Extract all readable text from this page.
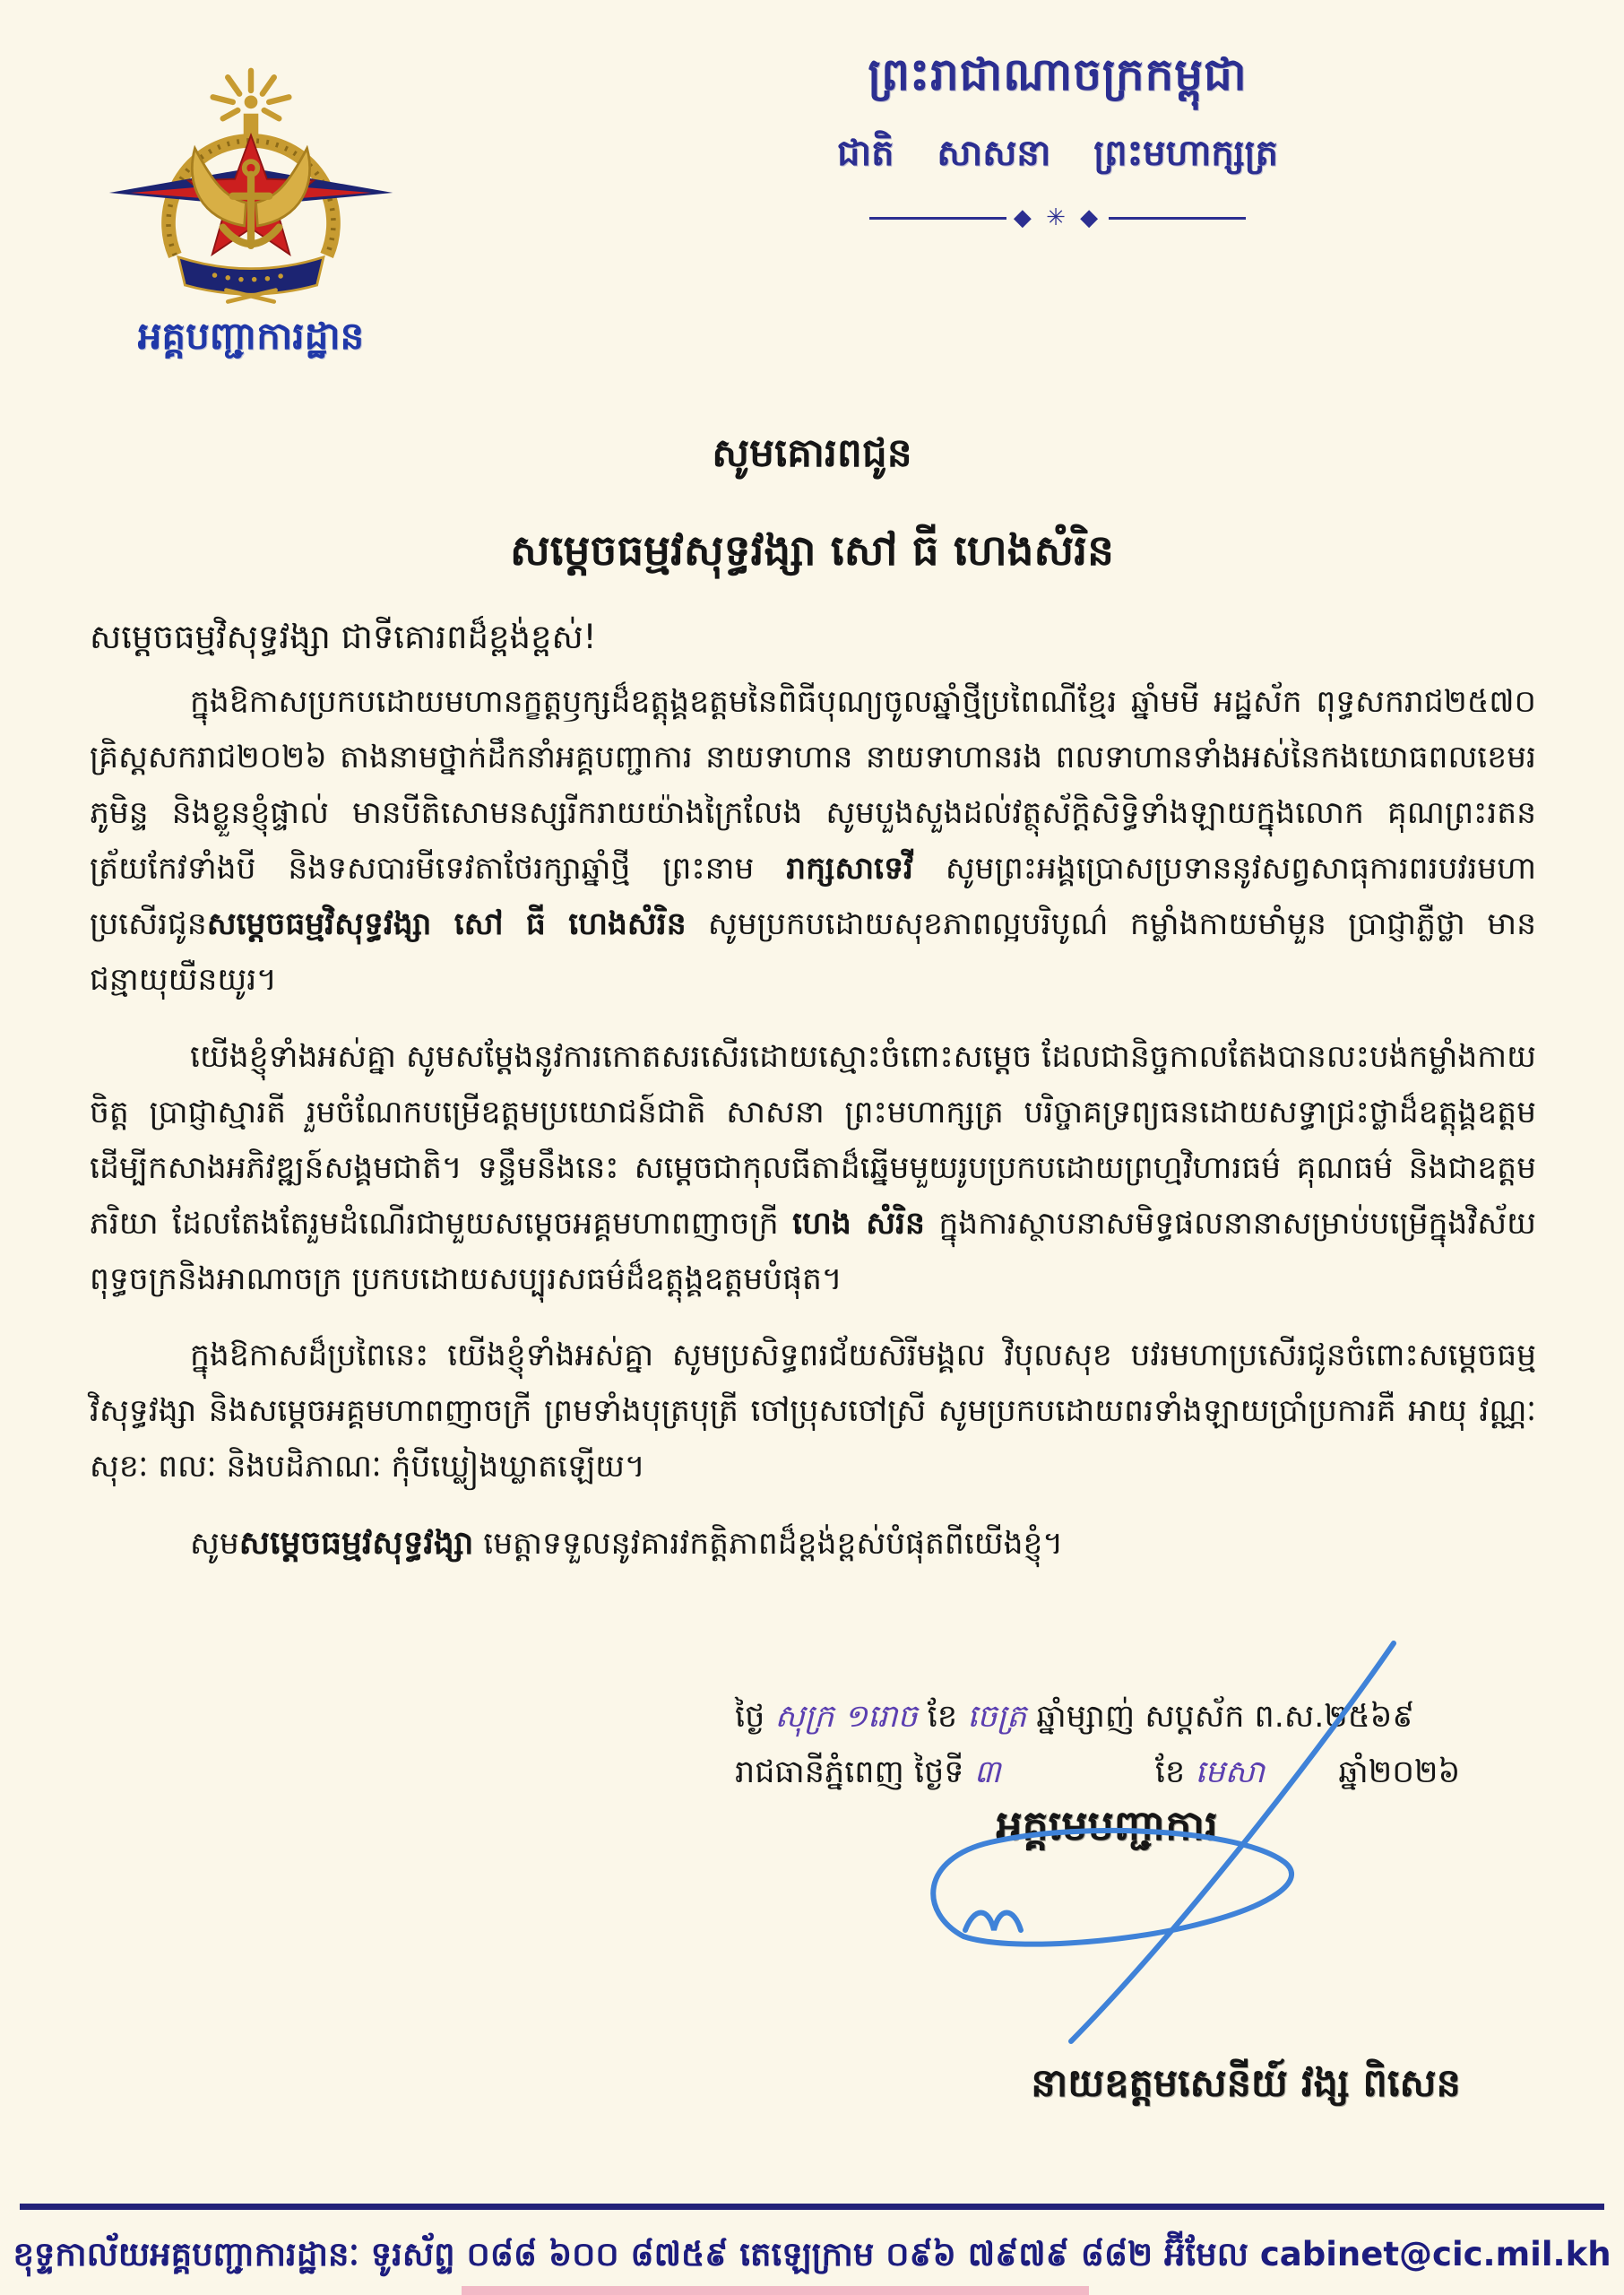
អគ្គបញ្ជាការដ្ឋាន
ព្រះរាជាណាចក្រកម្ពុជា
ជាតិ សាសនា ព្រះមហាក្សត្រ
◆ ✳ ◆
សូមគោរពជូន
សម្ដេចធម្មវសុទ្ធវង្សា សៅ ធី ហេងសំរិន
សម្ដេចធម្មវិសុទ្ធវង្សា ជាទីគោរពដ៏ខ្ពង់ខ្ពស់!

ក្នុងឱកាសប្រកបដោយមហានក្ខត្តឫក្សដ៏ឧត្តុង្គឧត្តមនៃពិធីបុណ្យចូលឆ្នាំថ្មីប្រពៃណីខ្មែរ ឆ្នាំមមី អដ្ឋស័ក ពុទ្ធសករាជ២៥៧០ គ្រិស្តសករាជ២០២៦ តាងនាមថ្នាក់ដឹកនាំអគ្គបញ្ជាការ នាយទាហាន នាយទាហានរង ពលទាហានទាំងអស់នៃកងយោធពលខេមរភូមិន្ទ និងខ្លួនខ្ញុំផ្ទាល់ មានបីតិសោមនស្សរីករាយយ៉ាងក្រៃលែង សូមបួងសួងដល់វត្ថុស័ក្ដិសិទ្ធិទាំងឡាយក្នុងលោក គុណព្រះរតនត្រ័យកែវទាំងបី និងទសបារមីទេវតាថែរក្សាឆ្នាំថ្មី ព្រះនាម រាក្សសាទេវី សូមព្រះអង្គប្រោសប្រទាននូវសព្វសាធុការពរបវរមហាប្រសើរជូនសម្ដេចធម្មវិសុទ្ធវង្សា សៅ ធី ហេងសំរិន សូមប្រកបដោយសុខភាពល្អបរិបូណ៌ កម្លាំងកាយមាំមួន ប្រាជ្ញាភ្លឺថ្លា មានជន្មាយុយឺនយូរ។

យើងខ្ញុំទាំងអស់គ្នា សូមសម្ដែងនូវការកោតសរសើរដោយស្មោះចំពោះសម្ដេច ដែលជានិច្ចកាលតែងបានលះបង់កម្លាំងកាយចិត្ត ប្រាជ្ញាស្មារតី រួមចំណែកបម្រើឧត្តមប្រយោជន៍ជាតិ សាសនា ព្រះមហាក្សត្រ បរិច្ចាគទ្រព្យធនដោយសទ្ធាជ្រះថ្លាដ៏ឧត្តុង្គឧត្តមដើម្បីកសាងអភិវឌ្ឍន៍សង្គមជាតិ។ ទន្ទឹមនឹងនេះ សម្ដេចជាកុលធីតាដ៏ឆ្នើមមួយរូបប្រកបដោយព្រហ្មវិហារធម៌ គុណធម៌ និងជាឧត្តមភរិយា ដែលតែងតែរួមដំណើរជាមួយសម្ដេចអគ្គមហាពញាចក្រី ហេង សំរិន ក្នុងការស្ថាបនាសមិទ្ធផលនានាសម្រាប់បម្រើក្នុងវិស័យពុទ្ធចក្រនិងអាណាចក្រ ប្រកបដោយសប្បុរសធម៌ដ៏ឧត្តុង្គឧត្តមបំផុត។

ក្នុងឱកាសដ៏ប្រពៃនេះ យើងខ្ញុំទាំងអស់គ្នា សូមប្រសិទ្ធពរជ័យសិរីមង្គល វិបុលសុខ បវរមហាប្រសើរជូនចំពោះសម្ដេចធម្មវិសុទ្ធវង្សា និងសម្ដេចអគ្គមហាពញាចក្រី ព្រមទាំងបុត្របុត្រី ចៅប្រុសចៅស្រី សូមប្រកបដោយពរទាំងឡាយប្រាំប្រការគឺ អាយុ វណ្ណៈ សុខៈ ពលៈ និងបដិភាណៈ កុំបីឃ្លៀងឃ្លាតឡើយ។

សូមសម្ដេចធម្មវសុទ្ធវង្សា មេត្តាទទួលនូវគារវកត្តិភាពដ៏ខ្ពង់ខ្ពស់បំផុតពីយើងខ្ញុំ។

ថ្ងៃ សុក្រ ១រោច ខែ ចេត្រ ឆ្នាំម្សាញ់ សប្ដស័ក ព.ស.២៥៦៩
រាជធានីភ្នំពេញ ថ្ងៃទី ៣	ខែ មេសា ឆ្នាំ២០២៦
អគ្គមេបញ្ជាការ
នាយឧត្តមសេនីយ៍ វង្ស ពិសេន
ខុទ្ទកាល័យអគ្គបញ្ជាការដ្ឋានៈ ទូរស័ព្ទ ០៨៨ ៦០០ ៨៧៥៩ តេឡេក្រាម ០៩៦ ៧៩៧៩ ៨៨២ អ៊ីមែល cabinet@cic.mil.kh
